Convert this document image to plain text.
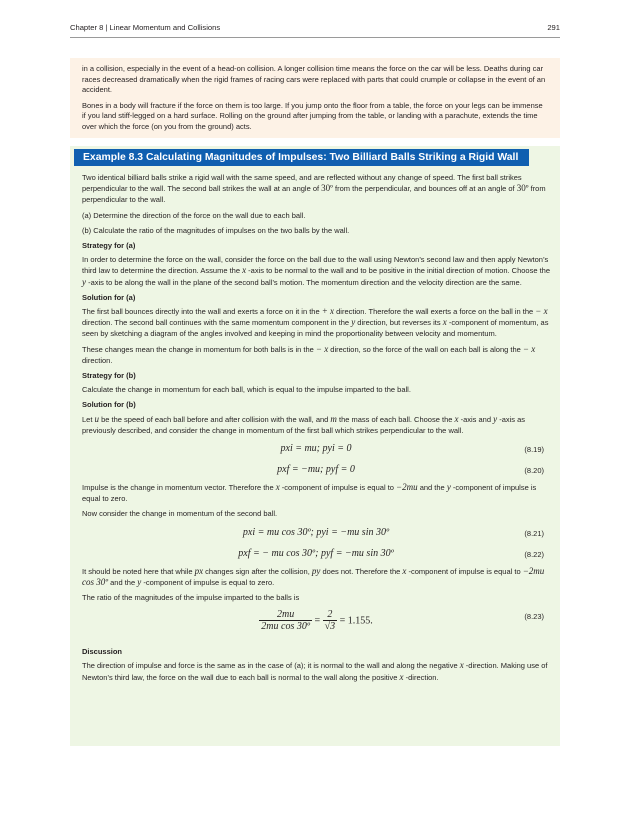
Chapter 8 | Linear Momentum and Collisions	291

in a collision, especially in the event of a head-on collision. A longer collision time means the force on the car will be less. Deaths during car races decreased dramatically when the rigid frames of racing cars were replaced with parts that could crumple or collapse in the event of an accident.

Bones in a body will fracture if the force on them is too large. If you jump onto the floor from a table, the force on your legs can be immense if you land stiff-legged on a hard surface. Rolling on the ground after jumping from the table, or landing with a parachute, extends the time over which the force (on you from the ground) acts.

Example 8.3 Calculating Magnitudes of Impulses: Two Billiard Balls Striking a Rigid Wall

Two identical billiard balls strike a rigid wall with the same speed, and are reflected without any change of speed. The first ball strikes perpendicular to the wall. The second ball strikes the wall at an angle of 30º from the perpendicular, and bounces off at an angle of 30º from perpendicular to the wall.

(a) Determine the direction of the force on the wall due to each ball.

(b) Calculate the ratio of the magnitudes of impulses on the two balls by the wall.

Strategy for (a)

In order to determine the force on the wall, consider the force on the ball due to the wall using Newton’s second law and then apply Newton’s third law to determine the direction. Assume the x -axis to be normal to the wall and to be positive in the initial direction of motion. Choose the y -axis to be along the wall in the plane of the second ball’s motion. The momentum direction and the velocity direction are the same.

Solution for (a)

The first ball bounces directly into the wall and exerts a force on it in the + x direction. Therefore the wall exerts a force on the ball in the − x direction. The second ball continues with the same momentum component in the y direction, but reverses its x -component of momentum, as seen by sketching a diagram of the angles involved and keeping in mind the proportionality between velocity and momentum.

These changes mean the change in momentum for both balls is in the − x direction, so the force of the wall on each ball is along the − x direction.

Strategy for (b)

Calculate the change in momentum for each ball, which is equal to the impulse imparted to the ball.

Solution for (b)

Let u be the speed of each ball before and after collision with the wall, and m the mass of each ball. Choose the x -axis and y -axis as previously described, and consider the change in momentum of the first ball which strikes perpendicular to the wall.

pxi = mu; pyi = 0	(8.19)
pxf = −mu; pyf = 0	(8.20)

Impulse is the change in momentum vector. Therefore the x -component of impulse is equal to −2mu and the y -component of impulse is equal to zero.

Now consider the change in momentum of the second ball.

pxi = mu cos 30º; pyi = −mu sin 30º	(8.21)
pxf = − mu cos 30º; pyf = −mu sin 30º	(8.22)

It should be noted here that while px changes sign after the collision, py does not. Therefore the x -component of impulse is equal to −2mu cos 30º and the y -component of impulse is equal to zero.

The ratio of the magnitudes of the impulse imparted to the balls is

$\frac{2mu}{\text{2mu cos 30º}} = \frac{2}{√3} = 1.155$.	(8.23)

Discussion

The direction of impulse and force is the same as in the case of (a); it is normal to the wall and along the negative x -direction. Making use of Newton’s third law, the force on the wall due to each ball is normal to the wall along the positive x -direction.
